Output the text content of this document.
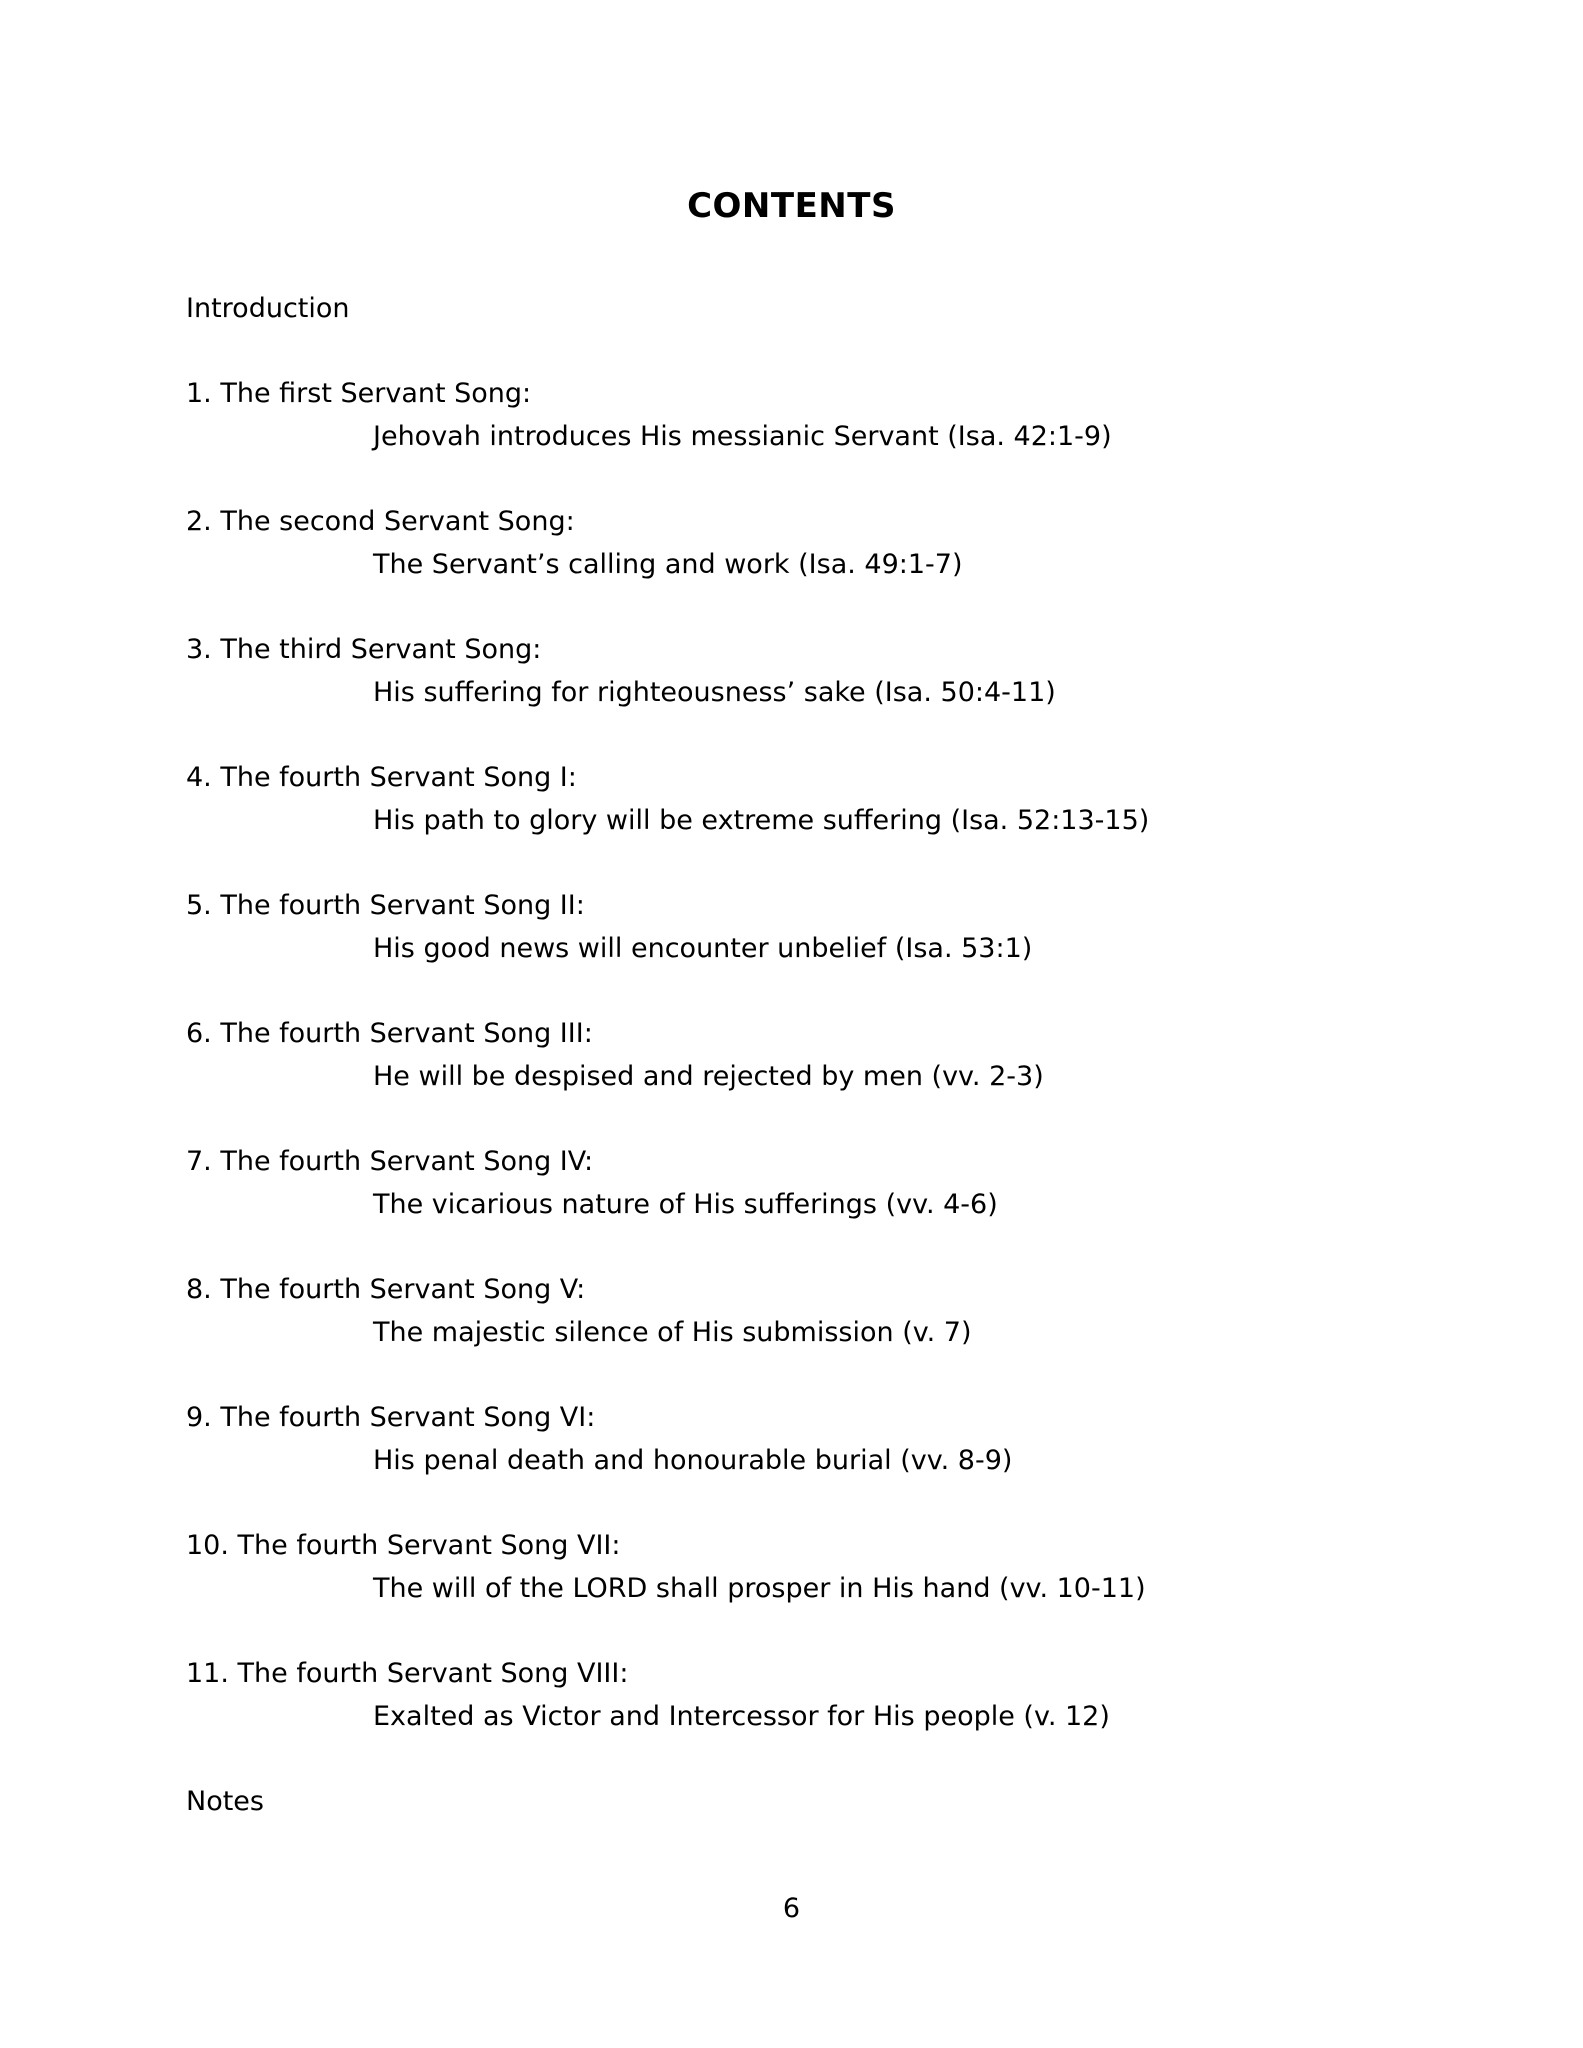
CONTENTS
Introduction
1. The first Servant Song:
Jehovah introduces His messianic Servant (Isa. 42:1-9)
2. The second Servant Song:
The Servant’s calling and work (Isa. 49:1-7)
3. The third Servant Song:
His suffering for righteousness’ sake (Isa. 50:4-11)
4. The fourth Servant Song I:
His path to glory will be extreme suffering (Isa. 52:13-15)
5. The fourth Servant Song II:
His good news will encounter unbelief (Isa. 53:1)
6. The fourth Servant Song III:
He will be despised and rejected by men (vv. 2-3)
7. The fourth Servant Song IV:
The vicarious nature of His sufferings (vv. 4-6)
8. The fourth Servant Song V:
The majestic silence of His submission (v. 7)
9. The fourth Servant Song VI:
His penal death and honourable burial (vv. 8-9)
10. The fourth Servant Song VII:
The will of the LORD shall prosper in His hand (vv. 10-11)
11. The fourth Servant Song VIII:
Exalted as Victor and Intercessor for His people (v. 12)
Notes
6
